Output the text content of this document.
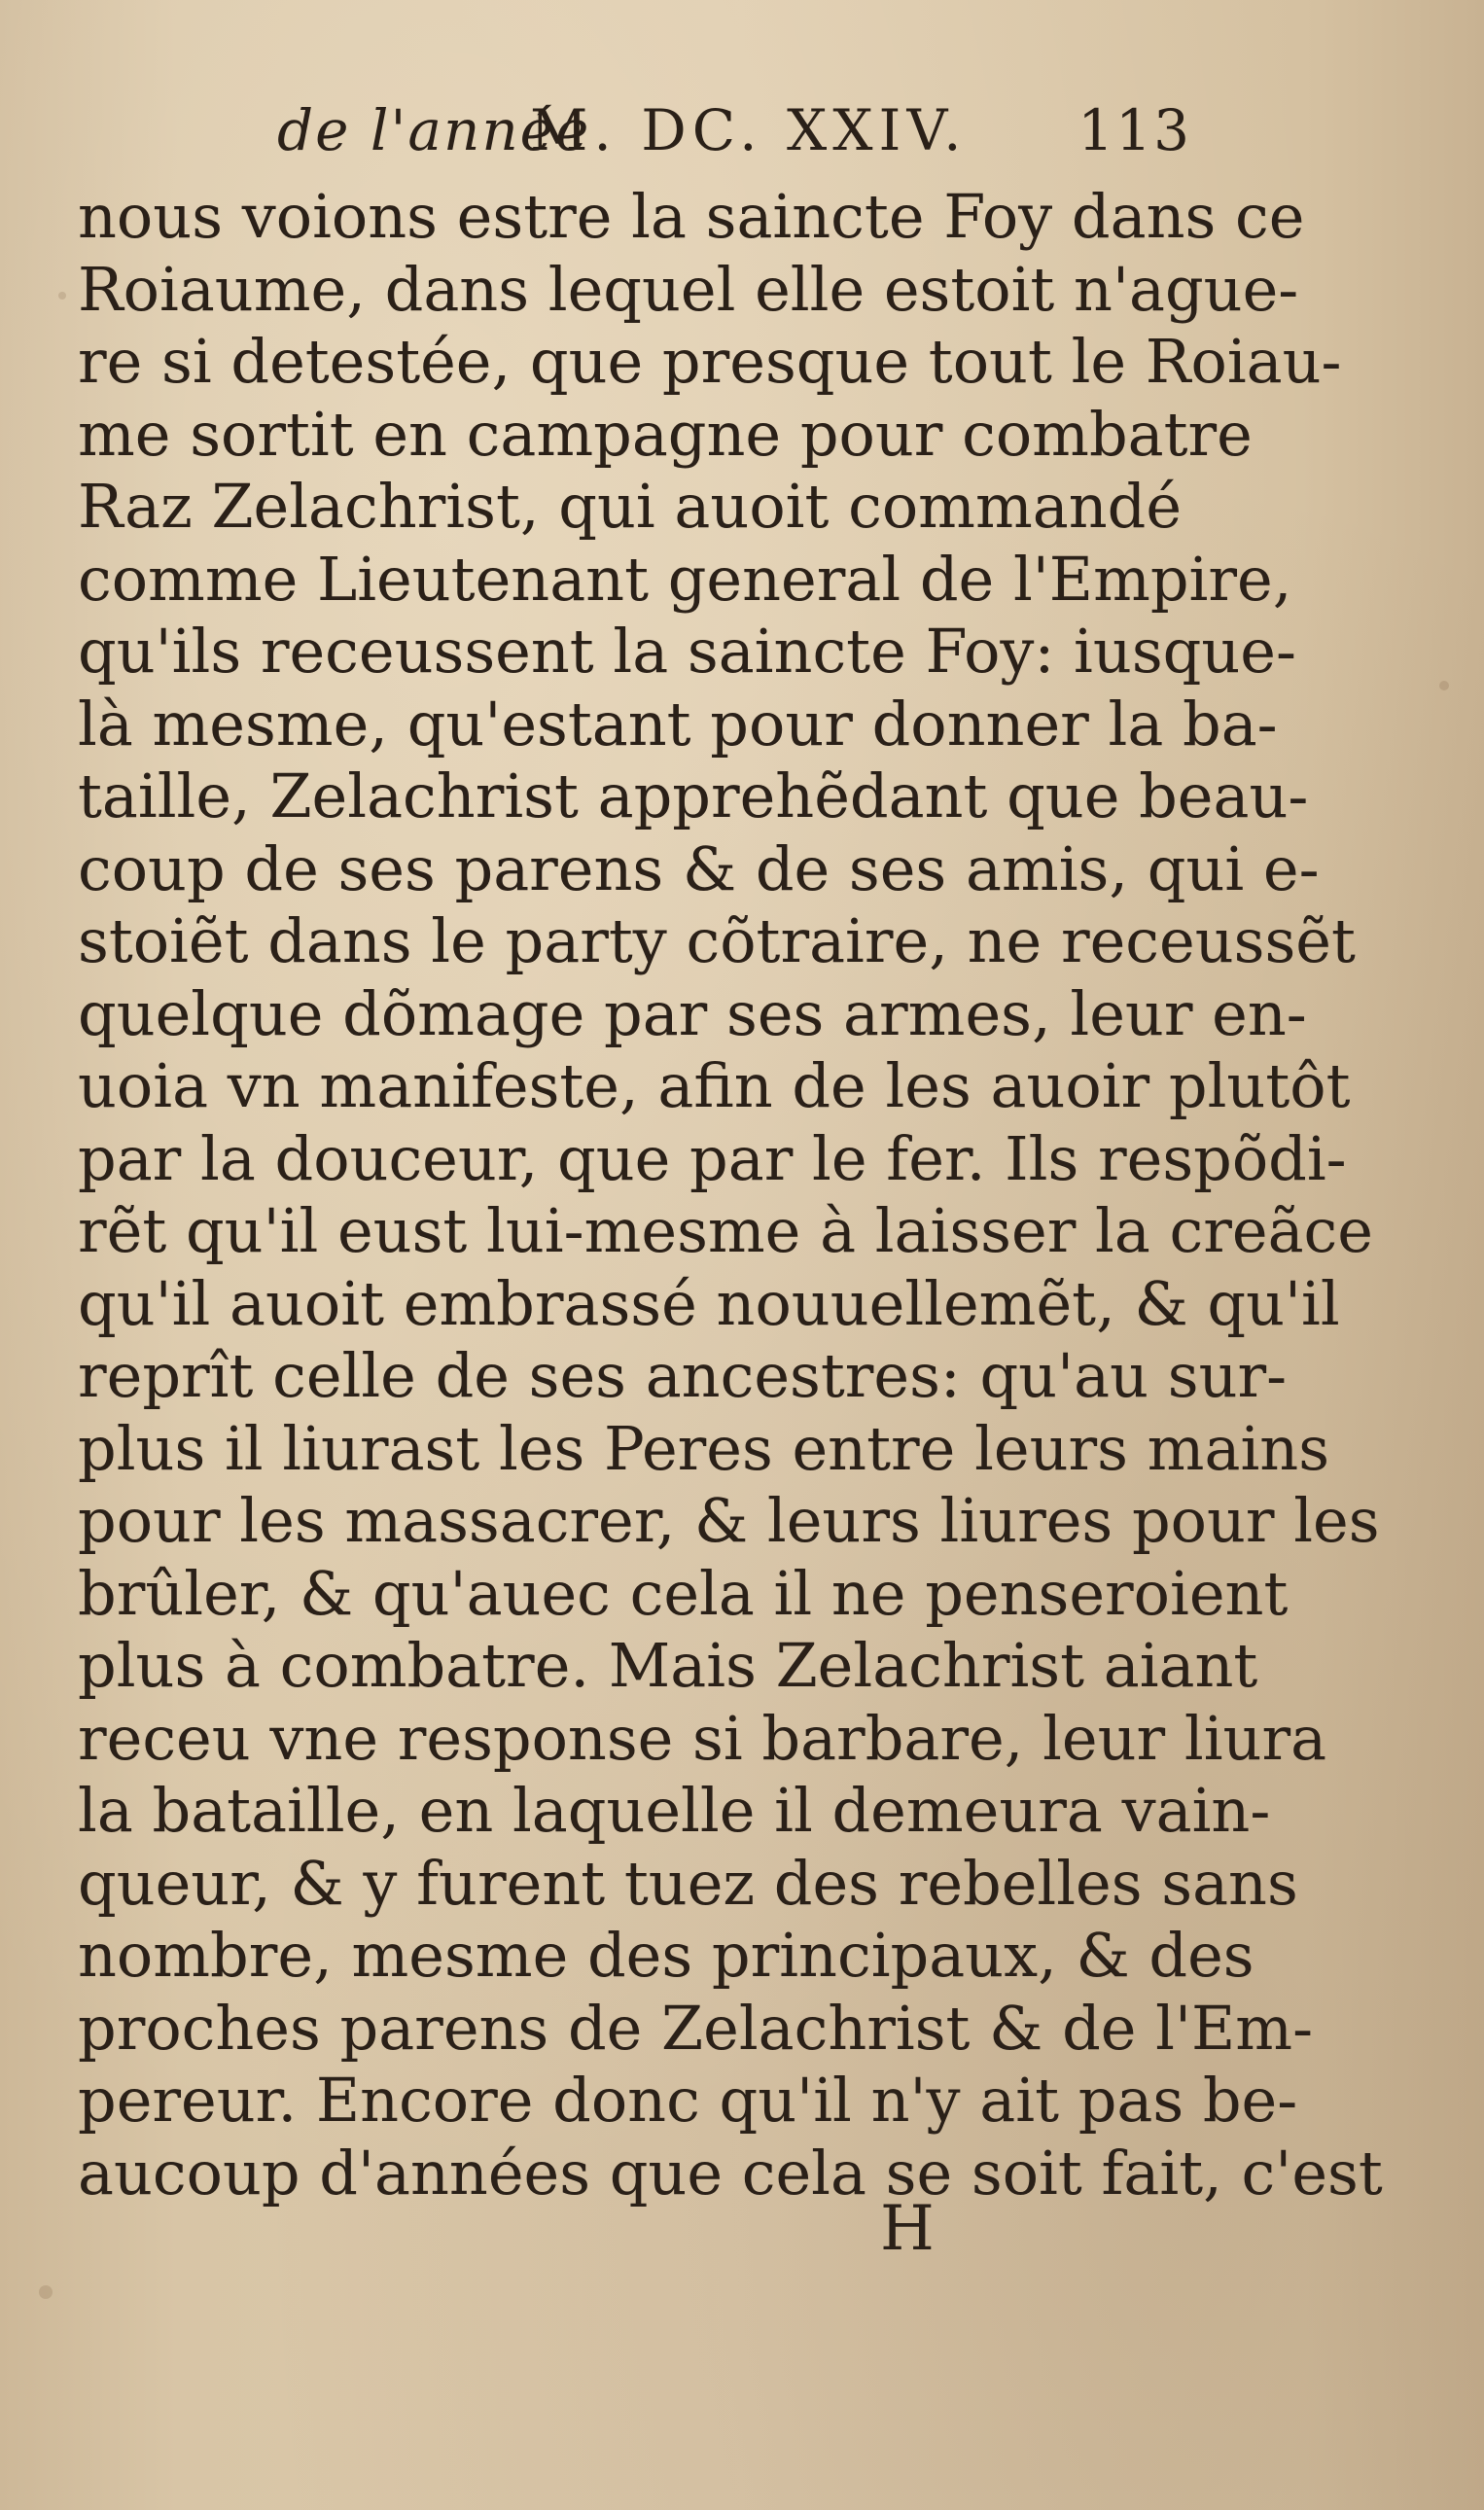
de l'année
M. DC. XXIV. 113
nous voions estre la saincte Foy dans ce
Roiaume, dans lequel elle estoit n'ague-
re si detestée, que presque tout le Roiau-
me sortit en campagne pour combatre
Raz Zelachrist, qui auoit commandé
comme Lieutenant general de l'Empire,
qu'ils receussent la saincte Foy: iusque-
là mesme, qu'estant pour donner la ba-
taille, Zelachrist apprehẽdant que beau-
coup de ses parens & de ses amis, qui e-
stoiẽt dans le party cõtraire, ne receussẽt
quelque dõmage par ses armes, leur en-
uoia vn manifeste, afin de les auoir plutôt
par la douceur, que par le fer. Ils respõdi-
rẽt qu'il eust lui-mesme à laisser la creãce
qu'il auoit embrassé nouuellemẽt, & qu'il
reprît celle de ses ancestres: qu'au sur-
plus il liurast les Peres entre leurs mains
pour les massacrer, & leurs liures pour les
brûler, & qu'auec cela il ne penseroient
plus à combatre. Mais Zelachrist aiant
receu vne response si barbare, leur liura
la bataille, en laquelle il demeura vain-
queur, & y furent tuez des rebelles sans
nombre, mesme des principaux, & des
proches parens de Zelachrist & de l'Em-
pereur. Encore donc qu'il n'y ait pas be-
aucoup d'années que cela se soit fait, c'est
H
